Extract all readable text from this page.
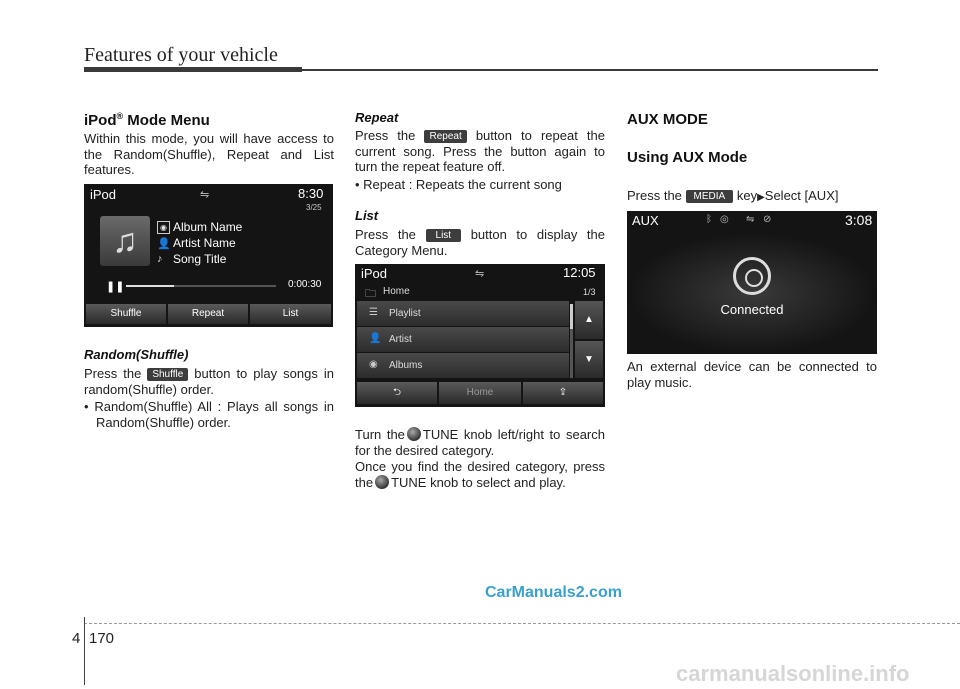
Features of your vehicle
iPod® Mode Menu
Within this mode, you will have access to the Random(Shuffle), Repeat and List features.
iPod	⇋	8:30
3/25
♫	◉ Album Name
👤 Artist Name
♪ Song Title
❚❚	0:00:30
Shuffle	Repeat	List
Random(Shuffle)
Press the Shuffle button to play songs in random(Shuffle) order.
• Random(Shuffle) All : Plays all songs in Random(Shuffle) order.
Repeat
Press the Repeat button to repeat the current song. Press the button again to turn the repeat feature off.
• Repeat : Repeats the current song
List
Press the List button to display the Category Menu.
iPod	⇋	12:05
🗀 Home	1/3
Playlist
☰
Artist
👤
Albums
◉
▲
▼
⮌	Home	⇪
Turn the TUNE knob left/right to search for the desired category.
Once you find the desired category, press the TUNE knob to select and play.
AUX MODE
Using AUX Mode
Press the MEDIA key▶Select [AUX]
AUX	ᛒ ◎ ⇋ ⊘	3:08
Connected
An external device can be connected to play music.
CarManuals2.com
4 170
carmanualsonline.info
